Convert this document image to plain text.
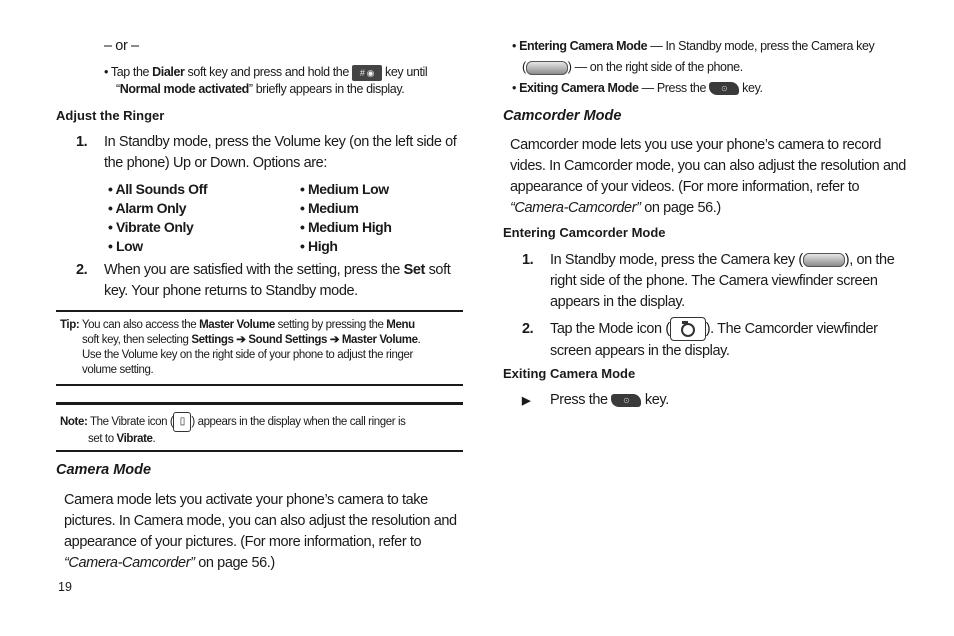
– or –
• Tap the Dialer soft key and press and hold the # ◉ key until
“Normal mode activated” briefly appears in the display.
Adjust the Ringer
1. In Standby mode, press the Volume key (on the left side of
the phone) Up or Down. Options are:
• All Sounds Off
• Alarm Only
• Vibrate Only
• Low
• Medium Low
• Medium
• Medium High
• High
2. When you are satisfied with the setting, press the Set soft
key. Your phone returns to Standby mode.
Tip: You can also access the Master Volume setting by pressing the Menu
soft key, then selecting Settings ➔ Sound Settings ➔ Master Volume.
Use the Volume key on the right side of your phone to adjust the ringer
volume setting.
Note: The Vibrate icon ( ▯ ) appears in the display when the call ringer is
set to Vibrate.
Camera Mode
Camera mode lets you activate your phone’s camera to take
pictures. In Camera mode, you can also adjust the resolution and
appearance of your pictures. (For more information, refer to
“Camera-Camcorder” on page 56.)
19
• Entering Camera Mode — In Standby mode, press the Camera key
(	) — on the right side of the phone.
• Exiting Camera Mode — Press the ⊙ key.
Camcorder Mode
Camcorder mode lets you use your phone’s camera to record
vides. In Camcorder mode, you can also adjust the resolution and
appearance of your videos. (For more information, refer to
“Camera-Camcorder” on page 56.)
Entering Camcorder Mode
1. In Standby mode, press the Camera key (	), on the
right side of the phone. The Camera viewfinder screen
appears in the display.
2. Tap the Mode icon ( ). The Camcorder viewfinder
screen appears in the display.
Exiting Camera Mode
▶ Press the ⊙ key.
